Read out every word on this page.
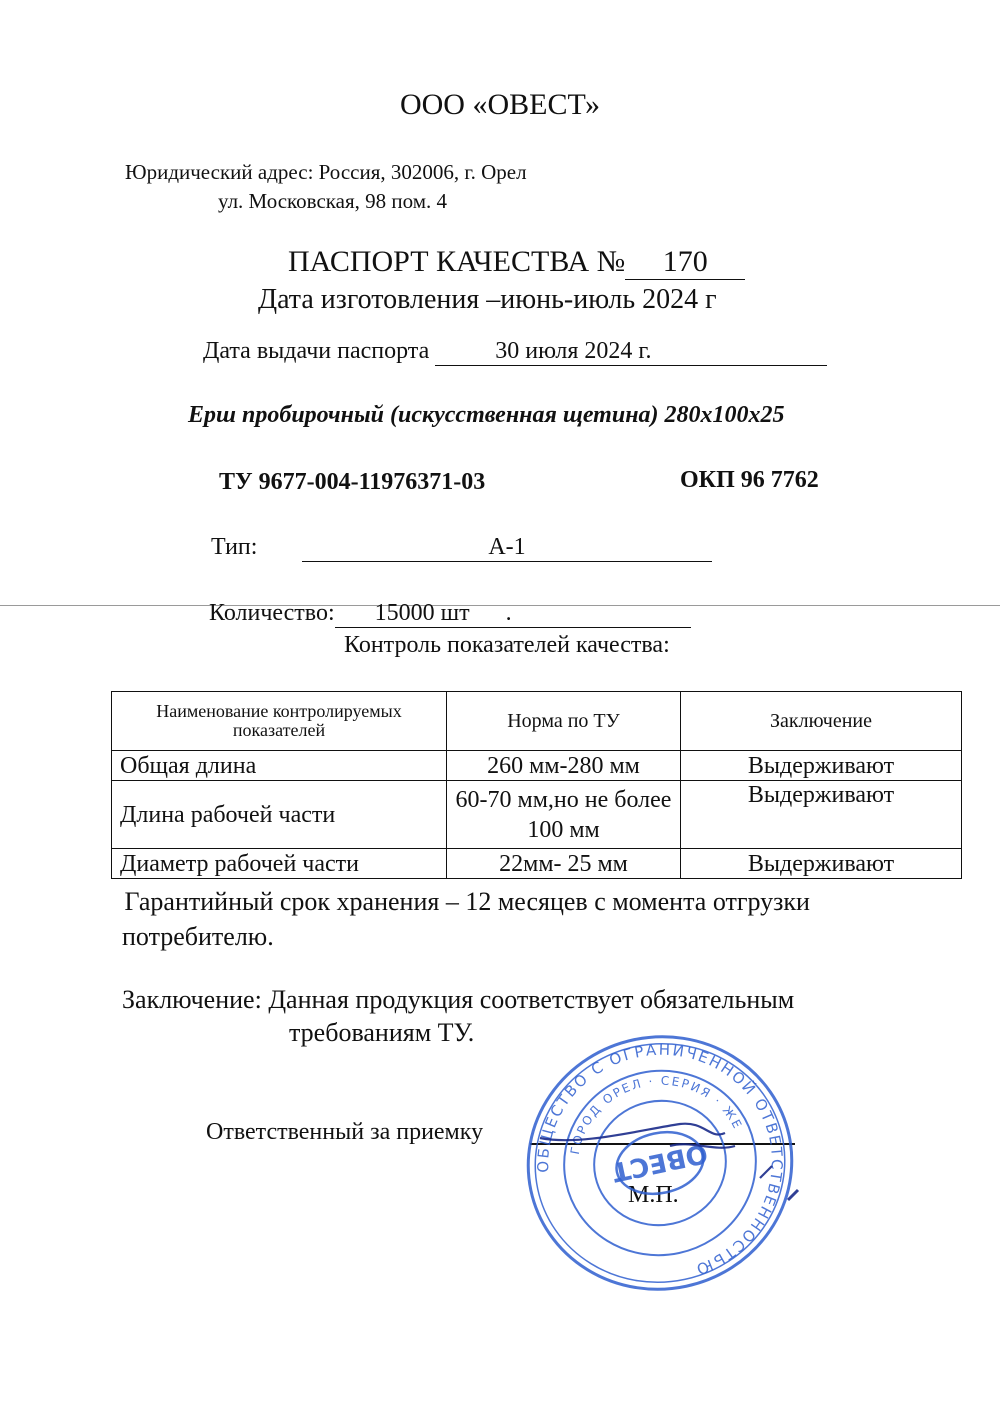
ООО «ОВЕСТ»
Юридический адрес: Россия, 302006, г. Орел
ул. Московская, 98 пом. 4
ПАСПОРТ КАЧЕСТВА № 170
Дата изготовления –июнь-июль 2024 г
Дата выдачи паспорта	30 июля 2024 г.
Ерш пробирочный (искусственная щетина) 280х100х25
ТУ 9677-004-11976371-03	ОКП 96 7762
Тип:	А-1
Количество: 15000 шт      .
Контроль показателей качества:
Наименование контролируемых показателей	Норма по ТУ	Заключение
Общая длина	260 мм-280 мм	Выдерживают
Длина рабочей части	60-70 мм,но не более 100 мм	Выдерживают
Диаметр рабочей части	22мм- 25 мм	Выдерживают
Гарантийный срок хранения – 12 месяцев с момента отгрузки
потребителю.
Заключение: Данная продукция соответствует обязательным
требованиям ТУ.
Ответственный за приемку
М.П.
ОБЩЕСТВО С ОГРАНИЧЕННОЙ ОТВЕТСТВЕННОСТЬЮ
ГОРОД ОРЕЛ · СЕРИЯ · ЖЕ
ОВЕСТ
